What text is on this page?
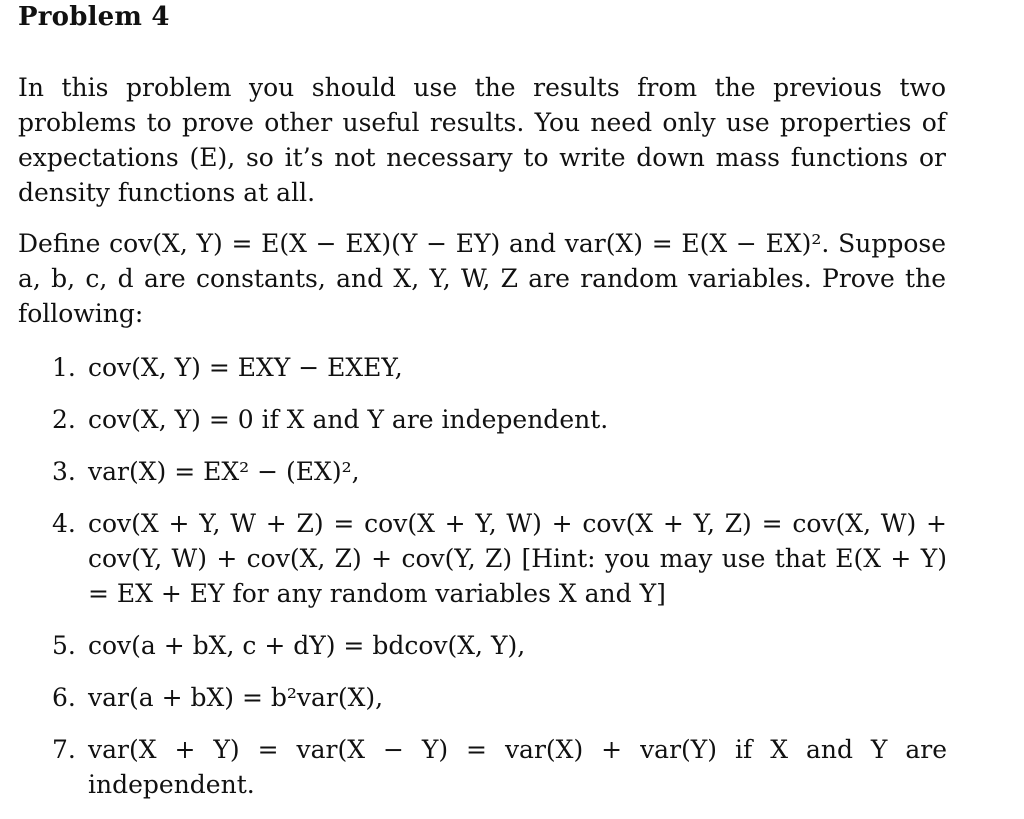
Problem 4
In this problem you should use the results from the previous two problems to prove other useful results. You need only use properties of expectations (E), so it’s not necessary to write down mass functions or density functions at all.
Define cov(X, Y) = E(X − EX)(Y − EY) and var(X) = E(X − EX)². Suppose a, b, c, d are constants, and X, Y, W, Z are random variables. Prove the following:
1. cov(X, Y) = EXY − EXEY,
2. cov(X, Y) = 0 if X and Y are independent.
3. var(X) = EX² − (EX)²,
4. cov(X + Y, W + Z) = cov(X + Y, W) + cov(X + Y, Z) = cov(X, W) + cov(Y, W) + cov(X, Z) + cov(Y, Z) [Hint: you may use that E(X + Y) = EX + EY for any random variables X and Y]
5. cov(a + bX, c + dY) = bdcov(X, Y),
6. var(a + bX) = b²var(X),
7. var(X + Y) = var(X − Y) = var(X) + var(Y) if X and Y are independent.
